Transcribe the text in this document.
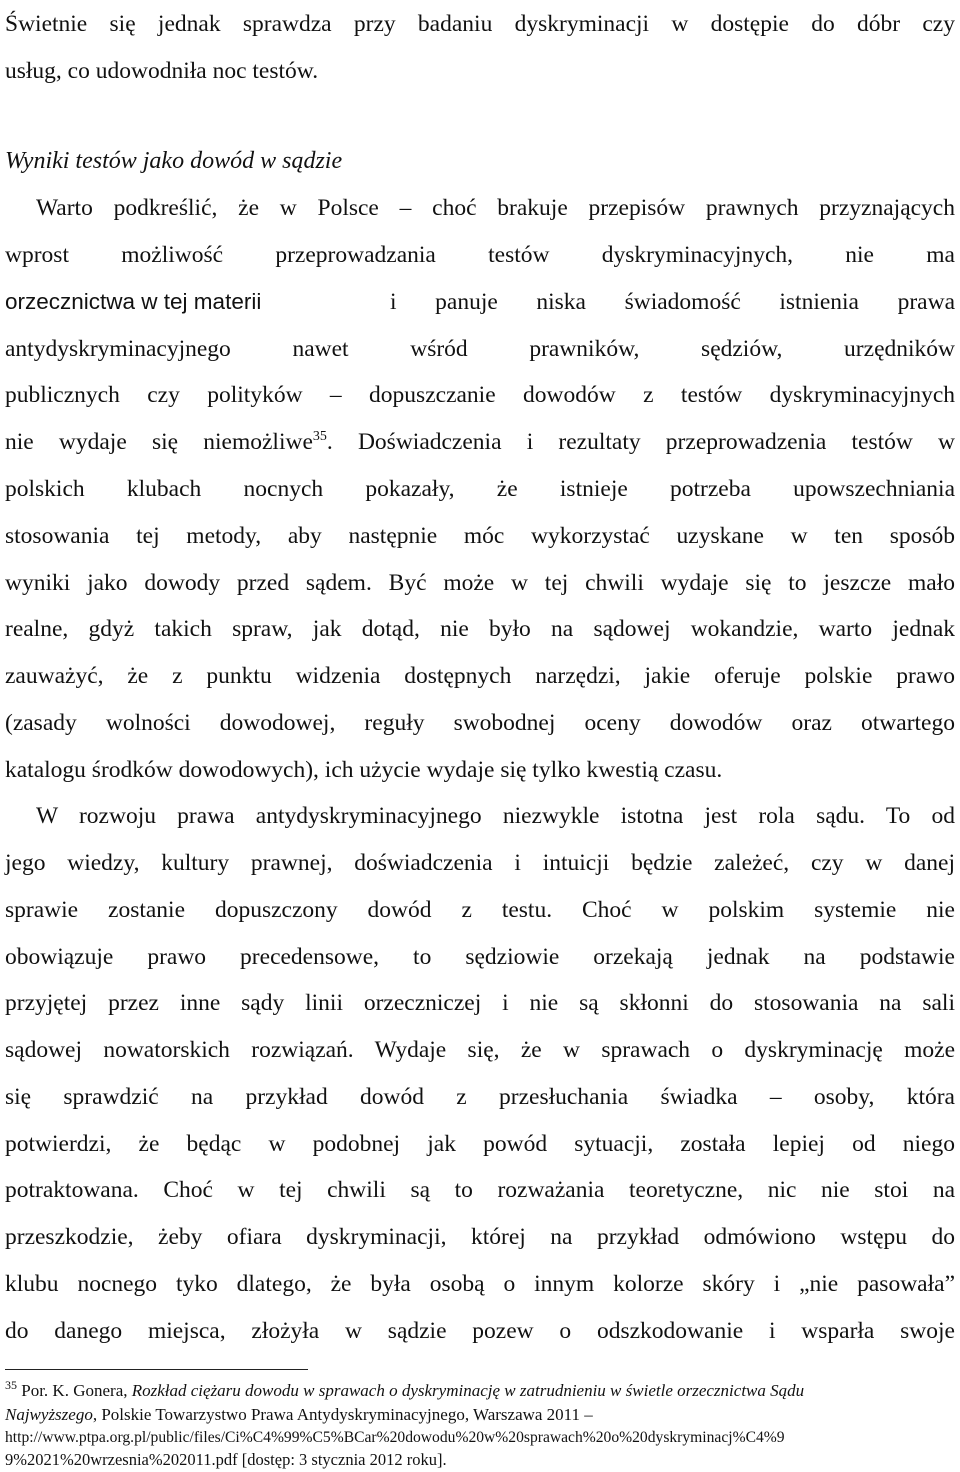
Świetnie się jednak sprawdza przy badaniu dyskryminacji w dostępie do dóbr czy
usług, co udowodniła noc testów.
Wyniki testów jako dowód w sądzie
Warto podkreślić, że w Polsce – choć brakuje przepisów prawnych przyznających
wprost możliwość przeprowadzania testów dyskryminacyjnych, nie ma
orzecznictwa w tej materii	i panuje niska świadomość istnienia prawa
antydyskryminacyjnego nawet wśród prawników, sędziów, urzędników
publicznych czy polityków – dopuszczanie dowodów z testów dyskryminacyjnych
nie wydaje się niemożliwe$^{35}$. Doświadczenia i rezultaty przeprowadzenia testów w
polskich klubach nocnych pokazały, że istnieje potrzeba upowszechniania
stosowania tej metody, aby następnie móc wykorzystać uzyskane w ten sposób
wyniki jako dowody przed sądem. Być może w tej chwili wydaje się to jeszcze mało
realne, gdyż takich spraw, jak dotąd, nie było na sądowej wokandzie, warto jednak
zauważyć, że z punktu widzenia dostępnych narzędzi, jakie oferuje polskie prawo
(zasady wolności dowodowej, reguły swobodnej oceny dowodów oraz otwartego
katalogu środków dowodowych), ich użycie wydaje się tylko kwestią czasu.
W rozwoju prawa antydyskryminacyjnego niezwykle istotna jest rola sądu. To od
jego wiedzy, kultury prawnej, doświadczenia i intuicji będzie zależeć, czy w danej
sprawie zostanie dopuszczony dowód z testu. Choć w polskim systemie nie
obowiązuje prawo precedensowe, to sędziowie orzekają jednak na podstawie
przyjętej przez inne sądy linii orzeczniczej i nie są skłonni do stosowania na sali
sądowej nowatorskich rozwiązań. Wydaje się, że w sprawach o dyskryminację może
się sprawdzić na przykład dowód z przesłuchania świadka – osoby, która
potwierdzi, że będąc w podobnej jak powód sytuacji, została lepiej od niego
potraktowana. Choć w tej chwili są to rozważania teoretyczne, nic nie stoi na
przeszkodzie, żeby ofiara dyskryminacji, której na przykład odmówiono wstępu do
klubu nocnego tyko dlatego, że była osobą o innym kolorze skóry i „nie pasowała”
do danego miejsca, złożyła w sądzie pozew o odszkodowanie i wsparła swoje
$^{35}$ Por. K. Gonera, Rozkład ciężaru dowodu w sprawach o dyskryminację w zatrudnieniu w świetle orzecznictwa Sądu
Najwyższego, Polskie Towarzystwo Prawa Antydyskryminacyjnego, Warszawa 2011 –
http://www.ptpa.org.pl/public/files/Ci%C4%99%C5%BCar%20dowodu%20w%20sprawach%20o%20dyskryminacj%C4%9
9%2021%20wrzesnia%202011.pdf [dostęp: 3 stycznia 2012 roku].
